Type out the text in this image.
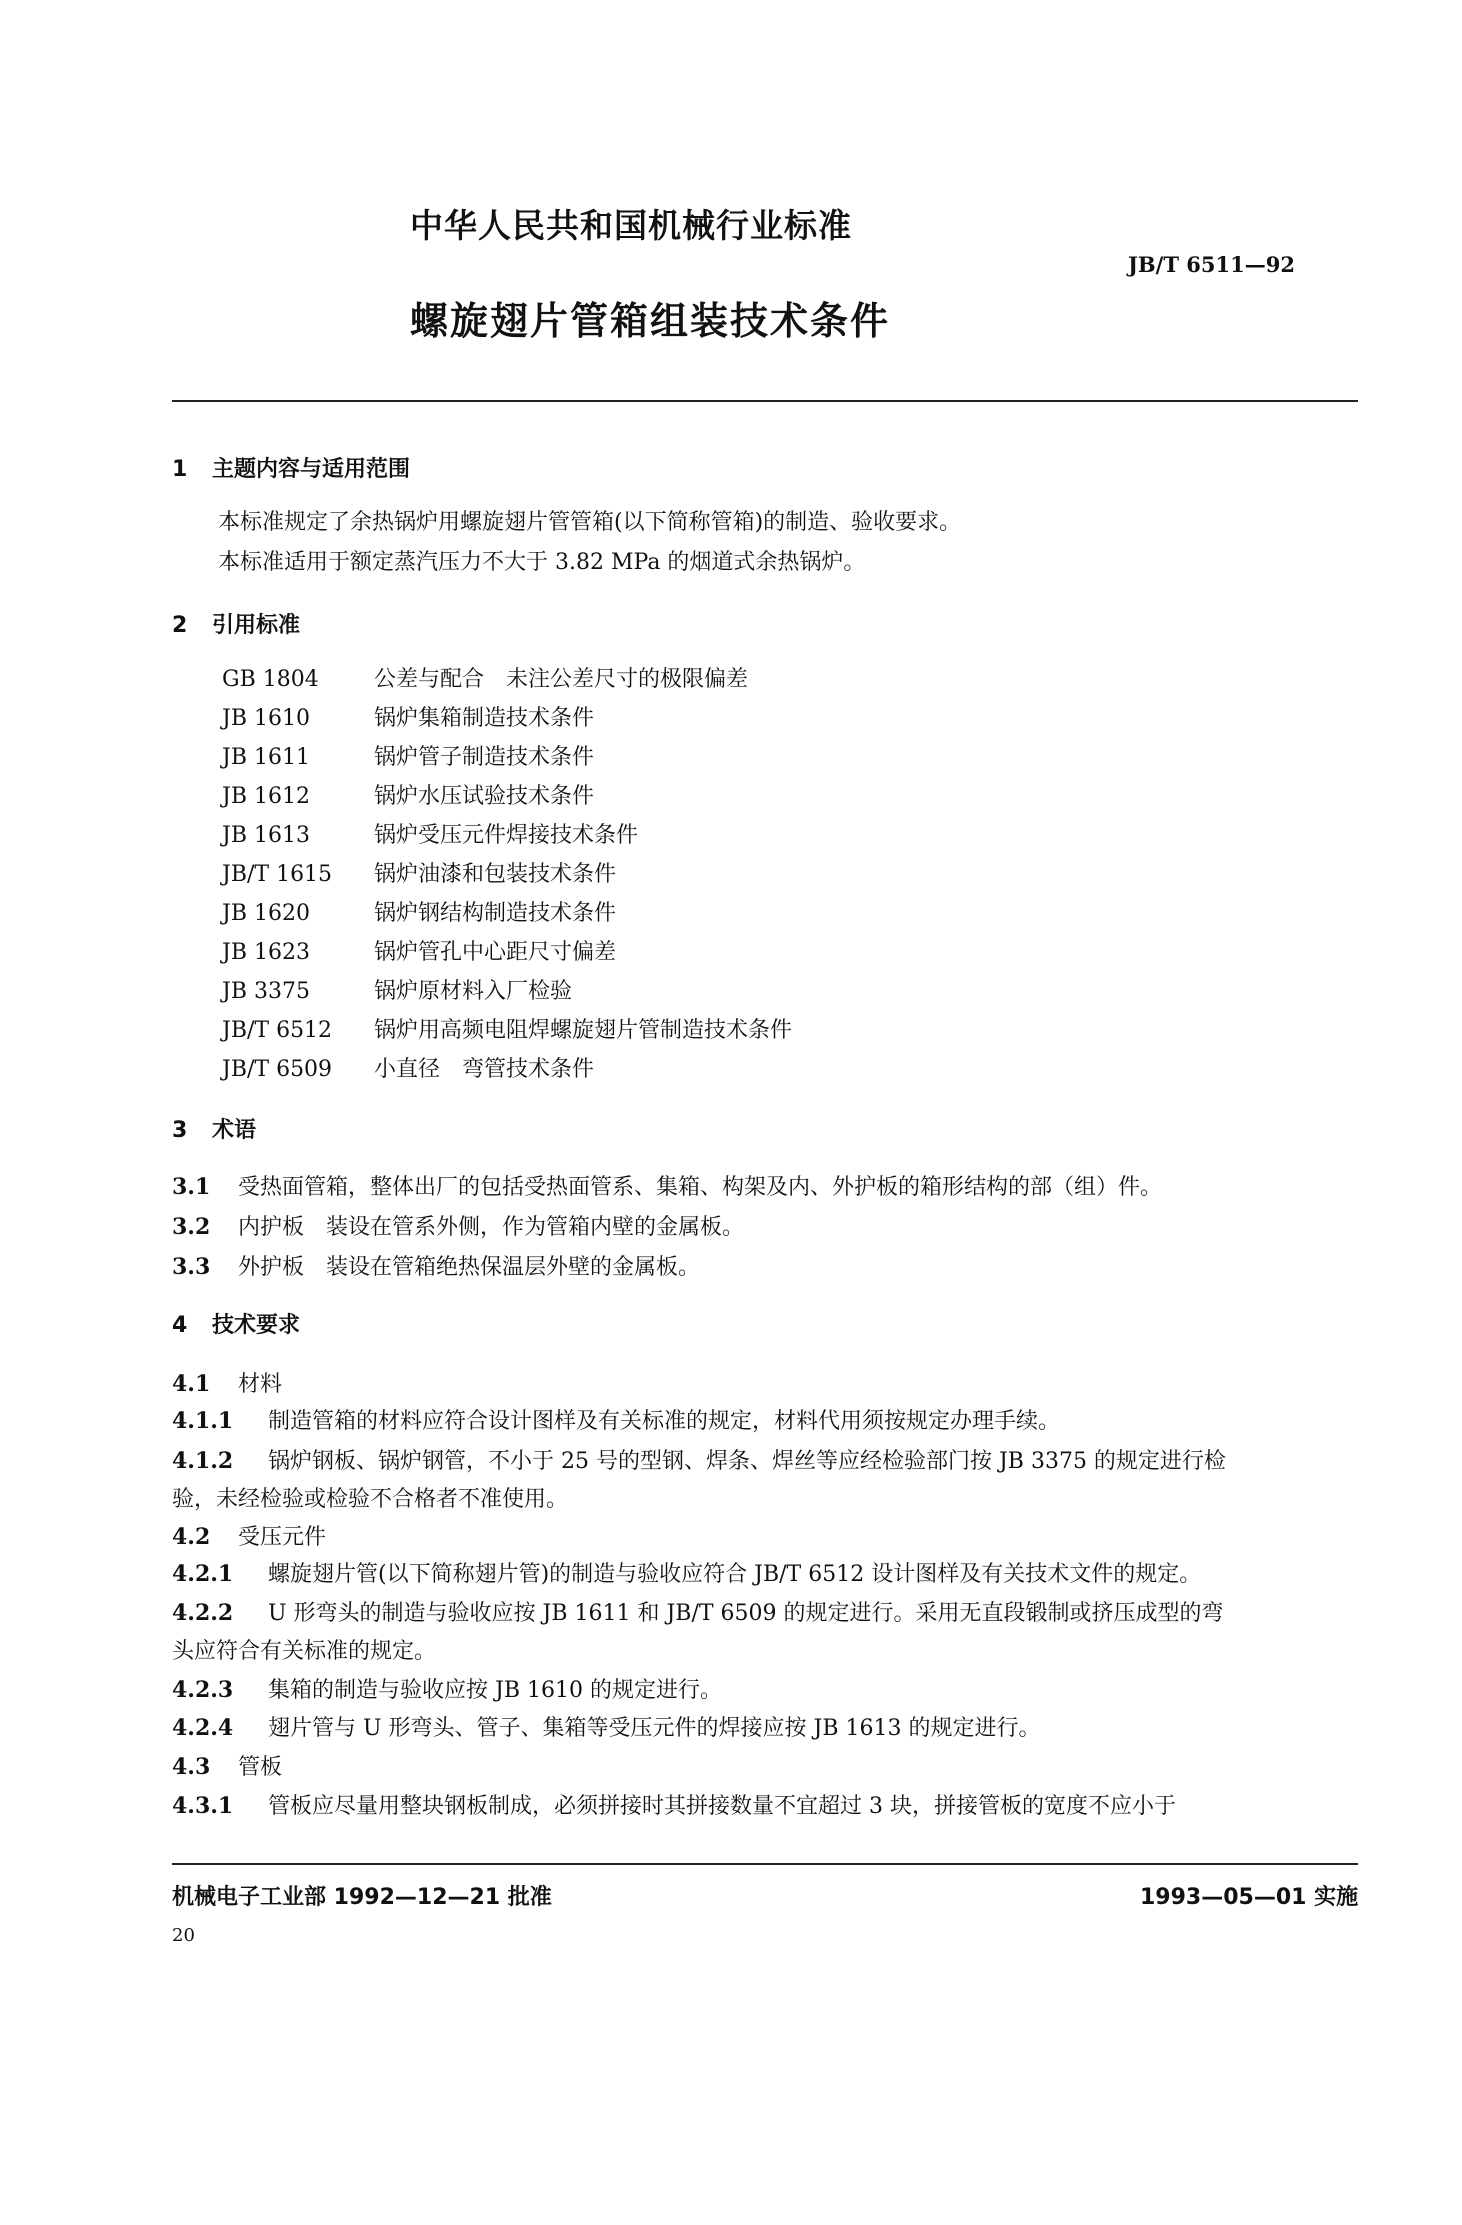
中华人民共和国机械行业标准
JB/T 6511—92
螺旋翅片管箱组装技术条件
1 主题内容与适用范围
本标准规定了余热锅炉用螺旋翅片管管箱(以下简称管箱)的制造、验收要求。
本标准适用于额定蒸汽压力不大于 3.82 MPa 的烟道式余热锅炉。
2 引用标准
GB 1804	公差与配合　未注公差尺寸的极限偏差
JB 1610	锅炉集箱制造技术条件
JB 1611	锅炉管子制造技术条件
JB 1612	锅炉水压试验技术条件
JB 1613	锅炉受压元件焊接技术条件
JB/T 1615 锅炉油漆和包装技术条件
JB 1620	锅炉钢结构制造技术条件
JB 1623	锅炉管孔中心距尺寸偏差
JB 3375	锅炉原材料入厂检验
JB/T 6512 锅炉用高频电阻焊螺旋翅片管制造技术条件
JB/T 6509 小直径　弯管技术条件
3 术语
3.1 受热面管箱，整体出厂的包括受热面管系、集箱、构架及内、外护板的箱形结构的部（组）件。
3.2 内护板　装设在管系外侧，作为管箱内壁的金属板。
3.3 外护板　装设在管箱绝热保温层外壁的金属板。
4 技术要求
4.1 材料
4.1.1 制造管箱的材料应符合设计图样及有关标准的规定，材料代用须按规定办理手续。
4.1.2 锅炉钢板、锅炉钢管，不小于 25 号的型钢、焊条、焊丝等应经检验部门按 JB 3375 的规定进行检
验，未经检验或检验不合格者不准使用。
4.2 受压元件
4.2.1 螺旋翅片管(以下简称翅片管)的制造与验收应符合 JB/T 6512 设计图样及有关技术文件的规定。
4.2.2 U 形弯头的制造与验收应按 JB 1611 和 JB/T 6509 的规定进行。采用无直段锻制或挤压成型的弯
头应符合有关标准的规定。
4.2.3 集箱的制造与验收应按 JB 1610 的规定进行。
4.2.4 翅片管与 U 形弯头、管子、集箱等受压元件的焊接应按 JB 1613 的规定进行。
4.3 管板
4.3.1 管板应尽量用整块钢板制成，必须拼接时其拼接数量不宜超过 3 块，拼接管板的宽度不应小于
机械电子工业部 1992—12—21 批准	1993—05—01 实施
20
